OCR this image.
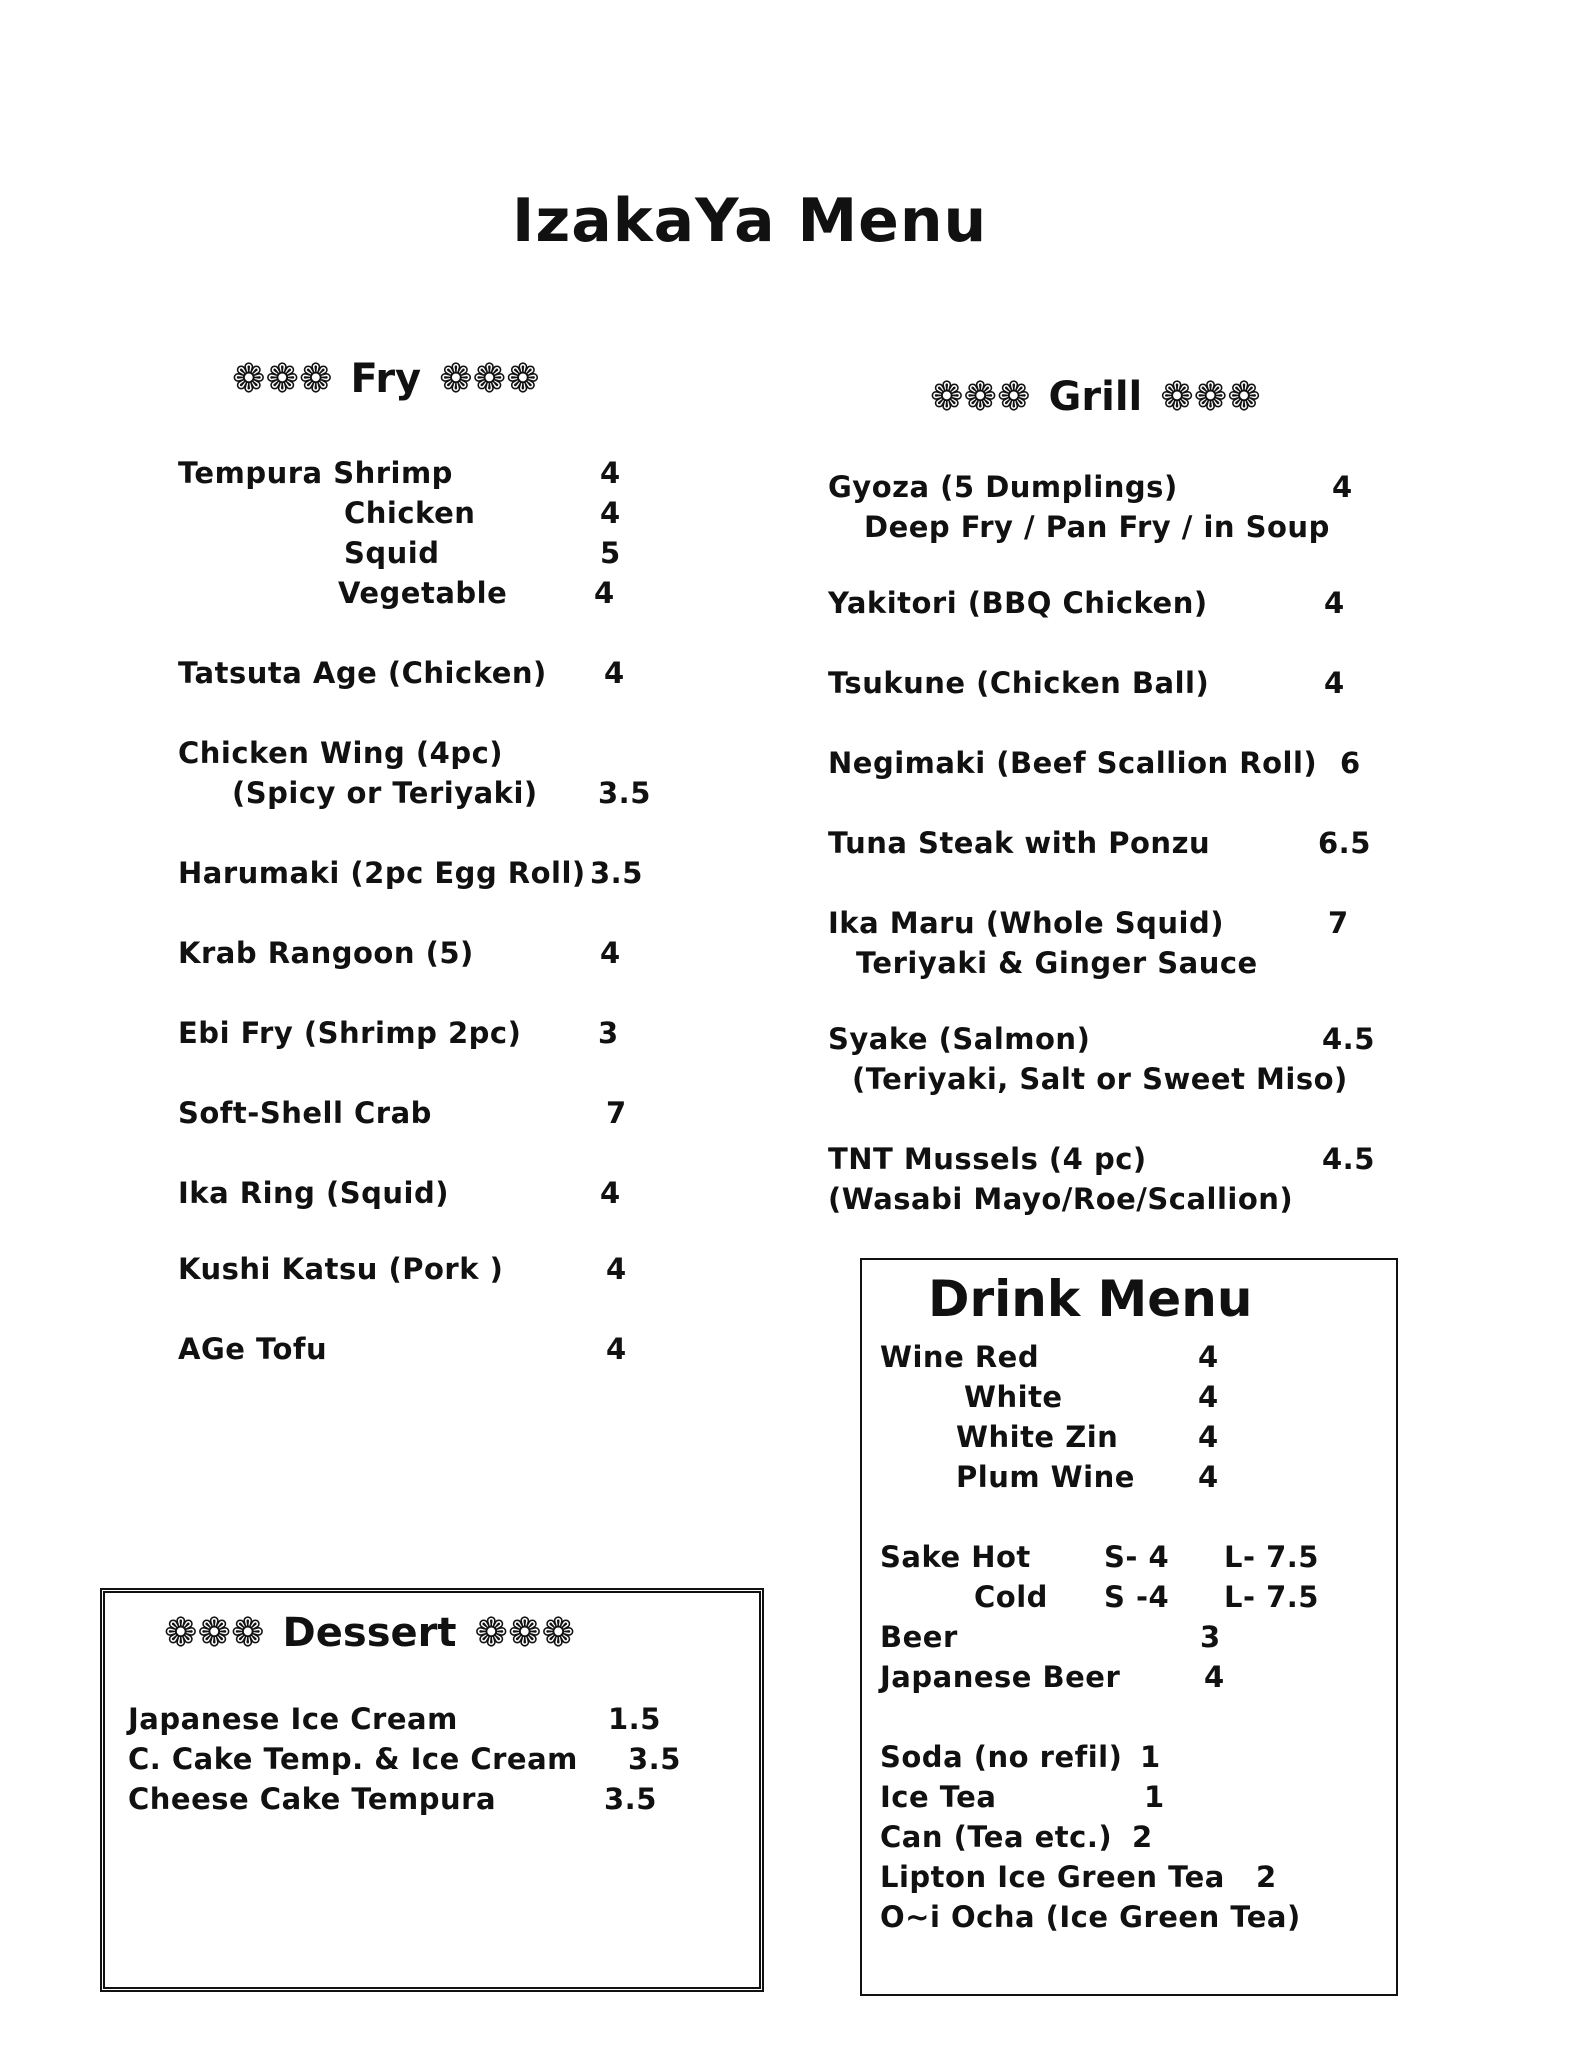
IzakaYa Menu
❁❁❁ Fry ❁❁❁
Tempura Shrimp	4
Chicken	4
Squid	5
Vegetable	4
Tatsuta Age (Chicken) 4
Chicken Wing (4pc)
(Spicy or Teriyaki) 3.5
Harumaki (2pc Egg Roll) 3.5
Krab Rangoon (5)	4
Ebi Fry (Shrimp 2pc)	3
Soft-Shell Crab	7
Ika Ring (Squid)	4
Kushi Katsu (Pork )	4
AGe Tofu	4
❁❁❁ Grill ❁❁❁
Gyoza (5 Dumplings)	4
Deep Fry / Pan Fry / in Soup
Yakitori (BBQ Chicken)	4
Tsukune (Chicken Ball)	4
Negimaki (Beef Scallion Roll) 6
Tuna Steak with Ponzu	6.5
Ika Maru (Whole Squid)	7
Teriyaki & Ginger Sauce
Syake (Salmon)	4.5
(Teriyaki, Salt or Sweet Miso)
TNT Mussels (4 pc)	4.5
(Wasabi Mayo/Roe/Scallion)
❁❁❁ Dessert ❁❁❁
Japanese Ice Cream	1.5
C. Cake Temp. & Ice Cream 3.5
Cheese Cake Tempura	3.5
Drink Menu
Wine Red	4
White	4
White Zin	4
Plum Wine 4
Sake Hot	S- 4 L- 7.5
Cold S -4 L- 7.5
Beer	3
Japanese Beer	4
Soda (no refil) 1
Ice Tea	1
Can (Tea etc.) 2
Lipton Ice Green Tea 2
O~i Ocha (Ice Green Tea)
